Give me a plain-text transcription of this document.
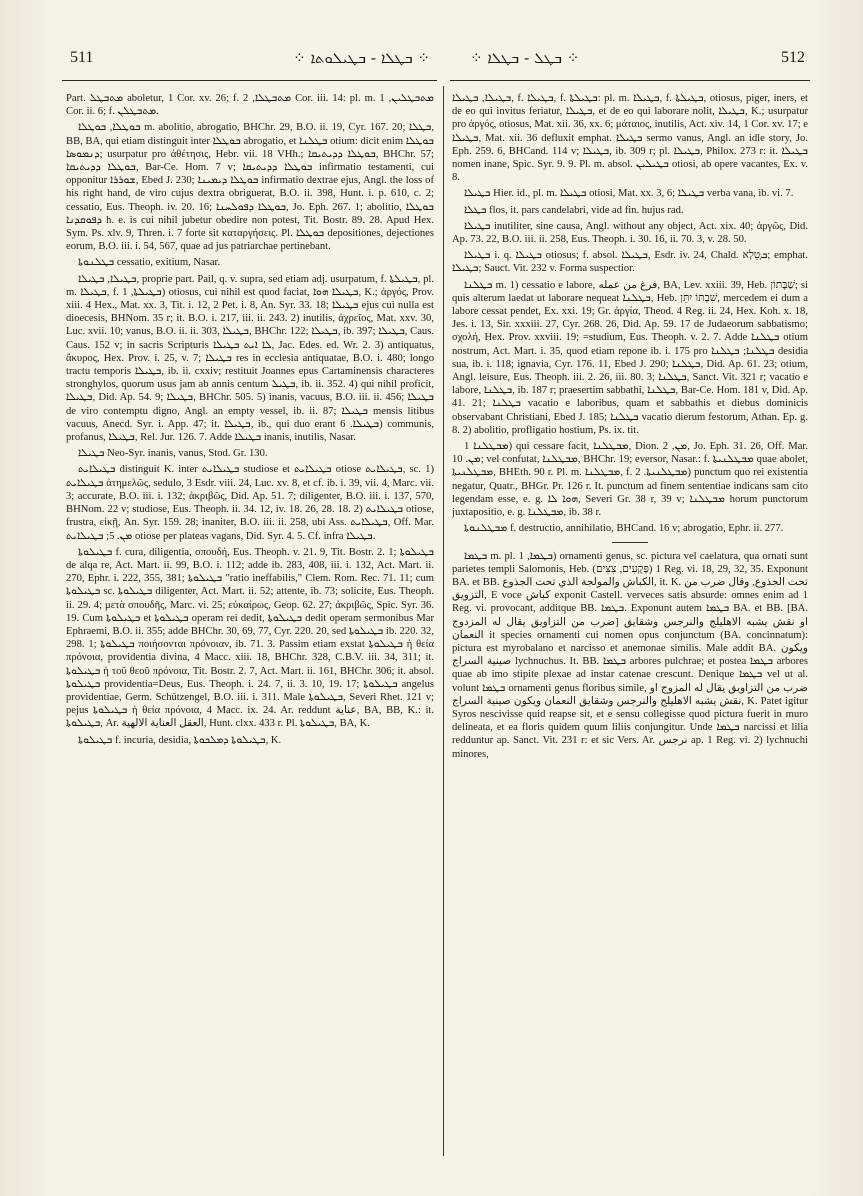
511	⁘ ܒܛܠܐ - ܒܛܝܠܘܬܐ ⁘	⁘ ܒܛܠ - ܒܛܠܐ ⁘	512

Part. ܡܬܒܛܠ aboletur, 1 Cor. xv. 26; f. ܡܬܒܛܠܐ, 2 Cor. iii. 14: pl. m. ܡܬܒܛܠܝܢ, 1 Cor. ii. 6; f. ܡܬܒܛܠܢ.

ܒܘܛܠܐ, ܒܘܛܠܐ m. abolitio, abrogatio, BHChr. 29, B.O. ii. 19, Cyr. 167. 20; ܒܛܠܐ, BB, BA, qui etiam distinguit inter ܒܘܛܠܐ abrogatio, et ܒܛܠܢܐ otium: dicit enim ܒܘܛܠܐ ܕܢܡܘܣܐ; usurpatur pro ἀθέτησις, Hebr. vii. 18 VHh.; ܒܘܛܠܐ ܕܕܝܬܝܩܐ, BHChr. 57; ܒܘܛܠܐ ܕܕܝܬܝܩܐ, Bar-Ce. Hom. 7 v; ܒܘܛܠܐ ܕܕܝܬܝܩܐ infirmatio testamenti, cui opponitur ܫܘܪܪܐ, Ebed J. 230; ܒܘܛܠܐ ܕܝܡܝܢܐ infirmatio dextrae ejus, Angl. the loss of his right hand, de viro cujus dextra obriguerat, B.O. ii. 398, Hunt. i. p. 610, c. 2; cessatio, Eus. Theoph. iv. 20. 16; ܒܘܛܠܐ ܕܦܘܠܚܢܐ, Jo. Eph. 267. 1; abolitio, ܒܘܛܠܐ ܕܦܘܩܕܢܐ h. e. is cui nihil jubetur obedire non potest, Tit. Bostr. 89. 28. Apud Hex. Sym. Ps. xlv. 9, Thren. i. 7 forte sit καταργήσεις. Pl. ܒܘܛܠܐ depositiones, dejectiones eorum, B.O. iii. i. 54, 567, quae ad jus patriarchae pertinebant.

ܒܛܠܢܘܬܐ cessatio, exitium, Nasar.

ܒܛܝܠܐ, ܒܛܝܠܐ, proprie part. Pail, q. v. supra, sed etiam adj. usurpatum, f. ܒܛܝܠܬܐ, pl. m. ܒܛܝܠܐ, f. ܒܛܝܠܬܐ, 1) otiosus, cui nihil est quod faciat, ܒܛܝܠܐ ܗܘܐ, K.; ἀργός, Prov. xiii. 4 Hex., Mat. xx. 3, Tit. i. 12, 2 Pet. i. 8, An. Syr. 33. 18; ܒܛܝܠܐ ejus cui nulla est dioecesis, BHNom. 35 r; it. B.O. i. 217, iii. ii. 243. 2) inutilis, ἀχρεῖος, Mat. xxv. 30, Luc. xvii. 10; vanus, B.O. ii. ii. 303, ܒܛܝܠܐ, BHChr. 122; ܒܛܝܠܐ, ib. 397; ܒܛܝܠܐ, Caus. Caus. 152 v; in sacris Scripturis ܠܐ ܐܝܬ ܒܛܝܠܐ, Jac. Edes. ed. Wr. 2. 3) antiquatus, ἄκυρος, Hex. Prov. i. 25, v. 7; ܒܛܝܠܐ res in ecclesia antiquatae, B.O. i. 480; longo tractu temporis ܒܛܝܠܐ, ib. ii. cxxiv; restituit Joannes epus Cartaminensis characteres stronghylos, quorum usus jam ab annis centum ܒܛܝܠ, ib. ii. 352. 4) qui nihil proficit, ܒܛܝܠܐ, Did. Ap. 54. 9; ܒܛܝܠܐ, BHChr. 505. 5) inanis, vacuus, B.O. iii. ii. 456; ܒܛܝܠܐ de viro contemptu digno, Angl. an empty vessel, ib. ii. 87; ܒܛܝܠܐ mensis litibus vacuus, Anecd. Syr. i. App. 47; it. ܒܛܝܠܐ, ib., qui duo erant ܒܛܝܠܐ. 6) communis, profanus, ܒܛܝܠܐ, Rel. Jur. 126. 7. Adde ܒܛܝܠܐ inanis, inutilis, Nasar.

ܒܛܝܠܐ Neo-Syr. inanis, vanus, Stod. Gr. 130.

ܒܛܝܠܐܝܬ distinguit K. inter ܒܛܝܠܐܝܬ studiose et ܒܛܝܠܐܝܬ otiose ܒܛܝܠܐܝܬ, sc. 1) ܒܛܝܠܐܝܬ ἀτημελῶς, sedulo, 3 Esdr. viii. 24, Luc. xv. 8, et cf. ib. i. 39, vii. 4, Marc. vii. 3; accurate, B.O. iii. i. 132; ἀκριβῶς, Did. Ap. 51. 7; diligenter, B.O. iii. i. 137, 570, BHNom. 22 v; studiose, Eus. Theoph. ii. 34. 12, iv. 18. 26, 28. 18. 2) ܒܛܝܠܐܝܬ otiose, frustra, εἰκῇ, An. Syr. 159. 28; inaniter, B.O. iii. ii. 258, ubi Ass. ܒܛܝܠܐܝܬ, Off. Mar. ܡܢ. 5; ܒܛܝܠܐܝܬ otiose per plateas vagans, Did. Syr. 4. 5. Cf. infra ܒܛܝܠܐ.

ܒܛܝܠܘܬܐ f. cura, diligentia, σπουδή, Eus. Theoph. v. 21. 9, Tit. Bostr. 2. 1; ܒܛܝܠܘܬܐ de alqa re, Act. Mart. ii. 99, B.O. i. 112; adde ib. 283, 408, iii. i. 132, Act. Mart. ii. 270, Ephr. i. 222, 355, 381; ܒܛܝܠܘܬܐ "ratio ineffabilis," Clem. Rom. Rec. 71. 11; cum ܒܛܝܠܘܬܐ sc. ܒܛܝܠܘܬܐ diligenter, Act. Mart. ii. 52; attente, ib. 73; solicite, Eus. Theoph. ii. 29. 4; μετὰ σπουδῆς, Marc. vi. 25; εὐκαίρως, Geop. 62. 27; ἀκριβῶς, Spic. Syr. 36. 19. Cum ܒܛܝܠܘܬܐ et ܒܛܝܠܘܬܐ operam rei dedit, ܒܛܝܠܘܬܐ dedit operam sermonibus Mar Ephraemi, B.O. ii. 355; adde BHChr. 30, 69, 77, Cyr. 220. 20, sed ܒܛܝܠܘܬܐ ib. 220. 32, 298. 1; ܒܛܝܠܘܬܐ ποιήσονται πρόνοιαν, ib. 71. 3. Passim etiam exstat ܒܛܝܠܘܬܐ ἡ θεία πρόνοια, providentia divina, 4 Macc. xiii. 18, BHChr. 328, C.B.V. iii. 34, 311; it. ܒܛܝܠܘܬܐ ἡ τοῦ θεοῦ πρόνοια, Tit. Bostr. 2. 7, Act. Mart. ii. 161, BHChr. 306; it. absol. ܒܛܝܠܘܬܐ providentia=Deus, Eus. Theoph. i. 24. 7, ii. 3. 10, 19. 17; ܒܛܝܠܘܬܐ angelus providentiae, Germ. Schützengel, B.O. iii. i. 311. Male ܒܛܝܠܘܬܐ, Severi Rhet. 121 v; pejus ܒܛܝܠܘܬܐ ἡ θεία πρόνοια, 4 Macc. ix. 24. Ar. reddunt عناية, BA, BB, K.: it. ܒܛܝܠܘܬܐ, Ar. العقل العناية الالهية, Hunt. clxx. 433 r. Pl. ܒܛܝܠܘܬܐ, BA, K.

ܒܛܝܠܘܬܐ f. incuria, desidia, ܒܛܝܠܘܬܐ ܕܡܠܟܘܬܐ, K.

ܒܛܝܠܐ, ܒܛܝܠܐ, f. ܒܛܝܠܐ, f. ܒܛܝܠܬܐ: pl. m. ܒܛܝܠܐ, f. ܒܛܝܠܬܐ, otiosus, piger, iners, et de eo qui invitus feriatur, ܒܛܝܠܐ, et de eo qui laborare nolit, ܒܛܝܠܐ, K.; usurpatur pro ἀργός, otiosus, Mat. xii. 36, xx. 6; μάταιος, inutilis, Act. xiv. 14, 1 Cor. xv. 17; e ܒܛܝܠܐ, Mat. xii. 36 defluxit emphat. ܒܛܝܠܐ sermo vanus, Angl. an idle story, Jo. Eph. 259. 6, BHCand. 114 v; ܒܛܝܠܐ, ib. 309 r; pl. ܒܛܝܠܐ, Philox. 273 r: it. ܒܛܝܠܐ nomen inane, Spic. Syr. 9. 9. Pl. m. absol. ܒܛܝܠܝܢ otiosi, ab opere vacantes, Ex. v. 8.

ܒܛܝܠܐ Hier. id., pl. m. ܒܛܝܠܐ otiosi, Mat. xx. 3, 6; ܒܛܝܠܐ verba vana, ib. vi. 7.

ܒܛܠܐ flos, it. pars candelabri, vide ad fin. hujus rad.

ܒܛܝܠܐ inutiliter, sine causa, Angl. without any object, Act. xix. 40; ἀργῶς, Did. Ap. 73. 22, B.O. iii. ii. 258, Eus. Theoph. i. 30. 16, ii. 70. 3, v. 28. 50.

ܒܛܝܠܐ i. q. ܒܛܝܠܐ otiosus; f. absol. ܒܛܝܠܐ, Esdr. iv. 24, Chald. ܒְּטֵלָא; emphat. ܒܛܝܠܐ; Sauct. Vit. 232 v. Forma suspectior.

ܒܛܠܢܐ m. 1) cessatio e labore, فرغ من عمله, BA, Lev. xxiii. 39, Heb. שַׁבָּתוֹן; si quis alterum laedat ut laborare nequeat ܒܛܠܢܐ, Heb. שִׁבְתּוֹ יִתֵּן, mercedem ei dum a labore cessat pendet, Ex. xxi. 19; Gr. ἀργία, Theod. 4 Reg. ii. 24, Hex. Koh. x. 18, Jes. i. 13, Sir. xxxiii. 27, Cyr. 268. 26, Did. Ap. 59. 17 de Judaeorum sabbatismo; σχολή, Hex. Prov. xxviii. 19; =studium, Eus. Theoph. v. 2. 7. Adde ܒܛܠܢܐ otium nostrum, Act. Mart. i. 35, quod etiam repone ib. i. 175 pro ܒܛܠܢܐ; ܒܛܠܢܐ desidia sua, ib. i. 118; ignavia, Cyr. 176. 11, Ebed J. 290; ܒܛܠܢܐ, Did. Ap. 61. 23; otium, Angl. leisure, Eus. Theoph. iii. 2. 26, iii. 80. 3; ܒܛܠܢܐ, Sanct. Vit. 321 r; vacatio e labore, ܒܛܠܢܐ, ib. 187 r; praesertim sabbathi, ܒܛܠܢܐ, Bar-Ce. Hom. 181 v, Did. Ap. 41. 21; ܒܛܠܢܐ vacatio e laboribus, quam et sabbathis et diebus dominicis observabant Christiani, Ebed J. 185; ܒܛܠܢܐ vacatio dierum festorum, Athan. Ep. g. 8. 2) abolitio, profligatio hostium, Ps. ix. tit.

ܡܒܛܠܢܐ 1) qui cessare facit, ܡܒܛܠܢܐ, Dion. ܡܢ, 2, Jo. Eph. 31. 26, Off. Mar. ܡܢ. 10; vel confutat, ܡܒܛܠܢܐ, BHChr. 19; eversor, Nasar.: f. ܡܒܛܠܢܝܬܐ quae abolet, ܡܒܛܠܢܝܬܐ, BHEth. 90 r. Pl. m. ܡܒܛܠܢܐ, f. ܡܒܛܠܢܝܬܐ. 2) punctum quo rei existentia negatur, Quatr., BHGr. Pr. 126 r. It. punctum ad finem sententiae indicans sam cito legendam esse, e. g. ܗܘܐ ܠܐ, Severi Gr. 38 r, 39 v; ܡܒܛܠܢܐ horum punctorum juxtapositio, e. g. ܡܒܛܠܢܐ, ib. 38 r.

ܡܒܛܠܢܘܬܐ f. destructio, annihilatio, BHCand. 16 v; abrogatio, Ephr. ii. 277.

ܒܛܡܐ m. pl. ܒܛܡܐ, 1) ornamenti genus, sc. pictura vel caelatura, qua ornati sunt parietes templi Salomonis, Heb. (פְּקָעִים, צִצִּים) 1 Reg. vi. 18, 29, 32, 35. Exponunt BA. et BB. الكباش والمولجة الذي تحت الجذوع, it. K. تحت الجذوع, وقال ضرب من التزويق, E voce كباش exponit Castell. verveces satis absurde: omnes enim ad 1 Reg. vi. provocant, additque BB. ܒܛܡܐ. Exponunt autem ܒܛܡܐ BA. et BB. [BA. ضرب من التزاويق يقال له المزدوج] او نقش يشبه الاهليلج والنرجس وشقايق النعمان it species ornamenti cui nomen opus conjunctum (BA. concinnatum): pictura est myrobalano et narcisso et anemonae similis. Male addit BA. ويكون صينية السراج lychnuchus. It. BB. ܒܛܡܐ arbores pulchrae; et postea ܒܛܡܐ arbores quae ab imo stipite plexae ad instar catenae crescunt. Denique ܒܛܡܐ vel ut al. volunt ܒܛܡܐ ornamenti genus floribus simile, ضرب من التزاويق يقال له المزوج او نقش يشبه الاهليلج والنرجس وشقايق النعمان ويكون صينية السراج, K. Patet igitur Syros nescivisse quid reapse sit, et e sensu collegisse quod pictura fuerit in muro delineata, et ea floris quidem quum liliis conjungitur. Unde ܒܛܡܐ narcissi et lilia redduntur ap. Sanct. Vit. 231 r: et sic Vers. Ar. نرجس ap. 1 Reg. vi. 2) lychnuchi minores,
